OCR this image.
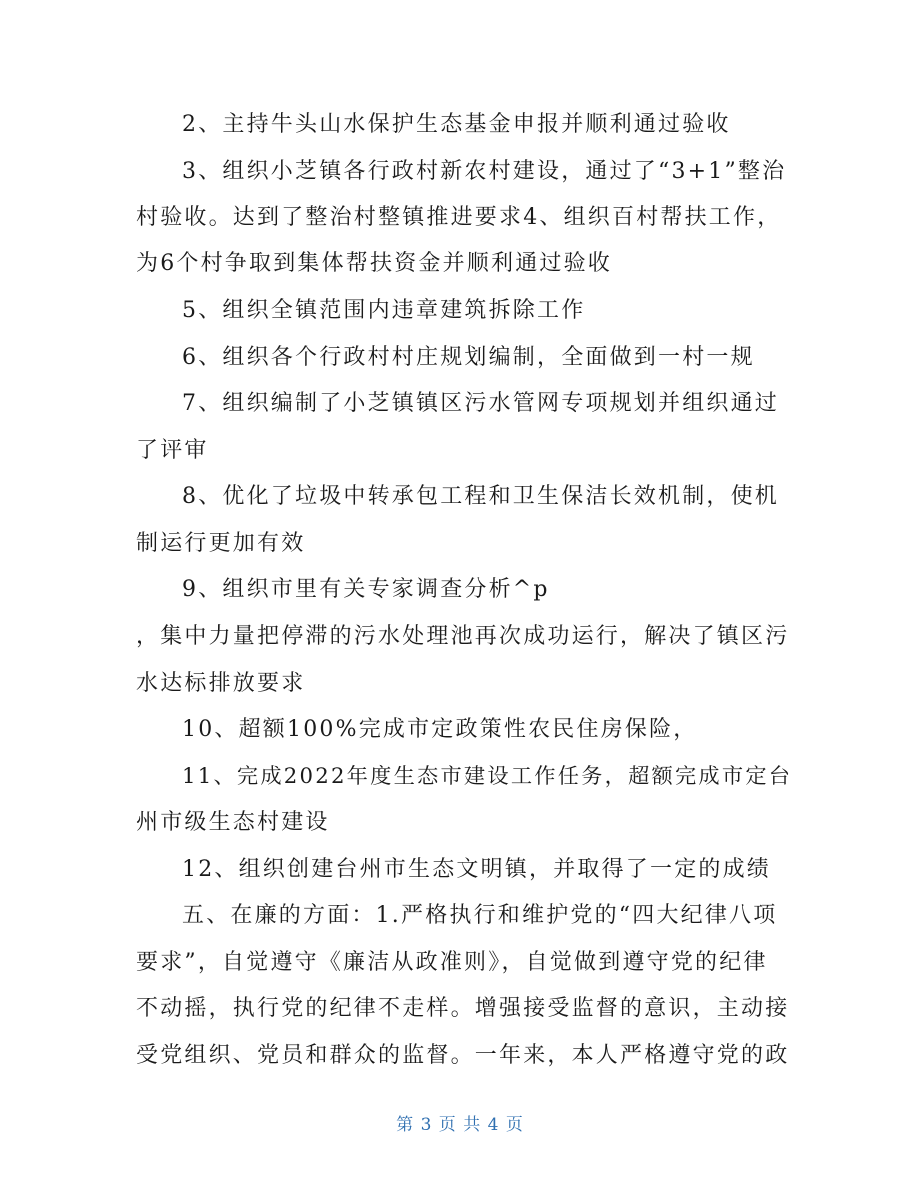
2、主持牛头山水保护生态基金申报并顺利通过验收
3、组织小芝镇各行政村新农村建设，通过了“3+1”整治
村验收。达到了整治村整镇推进要求4、组织百村帮扶工作，
为6个村争取到集体帮扶资金并顺利通过验收
5、组织全镇范围内违章建筑拆除工作
6、组织各个行政村村庄规划编制，全面做到一村一规
7、组织编制了小芝镇镇区污水管网专项规划并组织通过
了评审
8、优化了垃圾中转承包工程和卫生保洁长效机制，使机
制运行更加有效
9、组织市里有关专家调查分析^p
，集中力量把停滞的污水处理池再次成功运行，解决了镇区污
水达标排放要求
10、超额100%完成市定政策性农民住房保险，
11、完成2022年度生态市建设工作任务，超额完成市定台
州市级生态村建设
12、组织创建台州市生态文明镇，并取得了一定的成绩
五、在廉的方面：1.严格执行和维护党的“四大纪律八项
要求”，自觉遵守《廉洁从政准则》，自觉做到遵守党的纪律
不动摇，执行党的纪律不走样。增强接受监督的意识，主动接
受党组织、党员和群众的监督。一年来，本人严格遵守党的政
第 3 页 共 4 页
